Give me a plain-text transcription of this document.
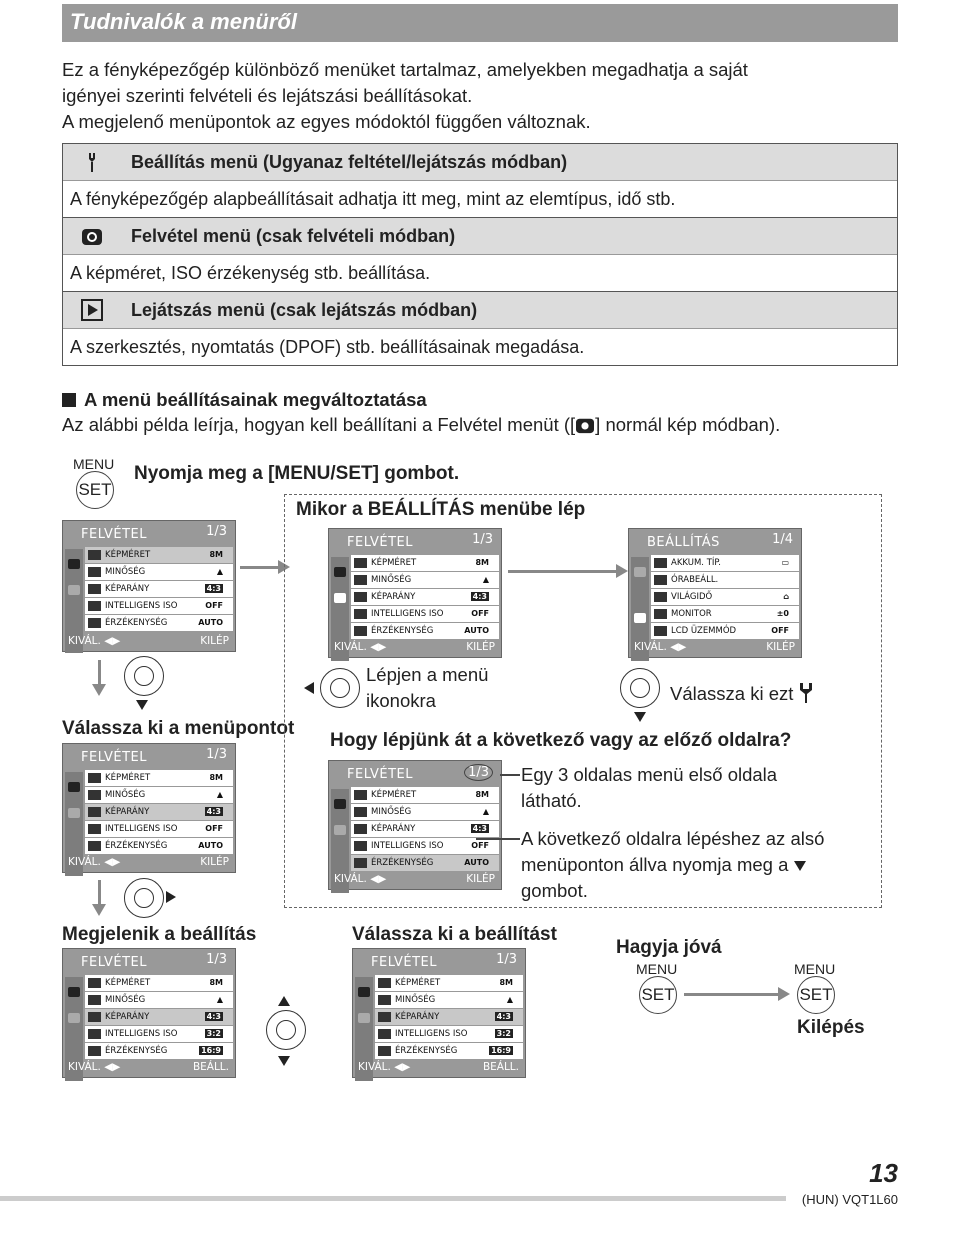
Tudnivalók a menüről
Ez a fényképezőgép különböző menüket tartalmaz, amelyekben megadhatja a saját
igényei szerinti felvételi és lejátszási beállításokat.
A megjelenő menüpontok az egyes módoktól függően változnak.
Beállítás menü (Ugyanaz feltétel/lejátszás módban)
A fényképezőgép alapbeállításait adhatja itt meg, mint az elemtípus, idő stb.
Felvétel menü (csak felvételi módban)
A képméret, ISO érzékenység stb. beállítása.
Lejátszás menü (csak lejátszás módban)
A szerkesztés, nyomtatás (DPOF) stb. beállításainak megadása.
A menü beállításainak megváltoztatása
Az alábbi példa leírja, hogyan kell beállítani a Felvétel menüt ([ ] normál kép módban).
MENU
SET
Nyomja meg a [MENU/SET] gombot.
FELVÉTEL	1/3
KÉPMÉRET	8M
MINŐSÉG	▲
KÉPARÁNY	4:3
INTELLIGENS ISO	OFF
ÉRZÉKENYSÉG	AUTO
KIVÁL. ◀▶	KILÉP
Válassza ki a menüpontot
FELVÉTEL	1/3
KÉPMÉRET	8M
MINŐSÉG	▲
KÉPARÁNY	4:3
INTELLIGENS ISO	OFF
ÉRZÉKENYSÉG	AUTO
KIVÁL. ◀▶	KILÉP
Megjelenik a beállítás
FELVÉTEL	1/3
KÉPMÉRET	8M
MINŐSÉG	▲
KÉPARÁNY	4:3
INTELLIGENS ISO	3:2
ÉRZÉKENYSÉG	16:9
KIVÁL. ◀▶	BEÁLL.
Válassza ki a beállítást
FELVÉTEL	1/3
KÉPMÉRET	8M
MINŐSÉG	▲
KÉPARÁNY	4:3
INTELLIGENS ISO	3:2
ÉRZÉKENYSÉG	16:9
KIVÁL. ◀▶	BEÁLL.
Hagyja jóvá
MENU
SET
MENU
SET
Kilépés
Mikor a BEÁLLÍTÁS menübe lép
FELVÉTEL	1/3
KÉPMÉRET	8M
MINŐSÉG	▲
KÉPARÁNY	4:3
INTELLIGENS ISO	OFF
ÉRZÉKENYSÉG	AUTO
KIVÁL. ◀▶	KILÉP
BEÁLLÍTÁS	1/4
AKKUM. TÍP.	▭
ÓRABEÁLL.
VILÁGIDŐ	⌂
MONITOR	±0
LCD ÜZEMMÓD	OFF
KIVÁL. ◀▶	KILÉP
Lépjen a menü
ikonokra	Válassza ki ezt
Hogy lépjünk át a következő vagy az előző oldalra?
FELVÉTEL	1/3
KÉPMÉRET	8M
MINŐSÉG	▲
KÉPARÁNY	4:3
INTELLIGENS ISO	OFF
ÉRZÉKENYSÉG	AUTO
KIVÁL. ◀▶	KILÉP
Egy 3 oldalas menü első oldala
látható.
A következő oldalra lépéshez az alsó
menüponton állva nyomja meg a
gombot.
13
(HUN) VQT1L60
